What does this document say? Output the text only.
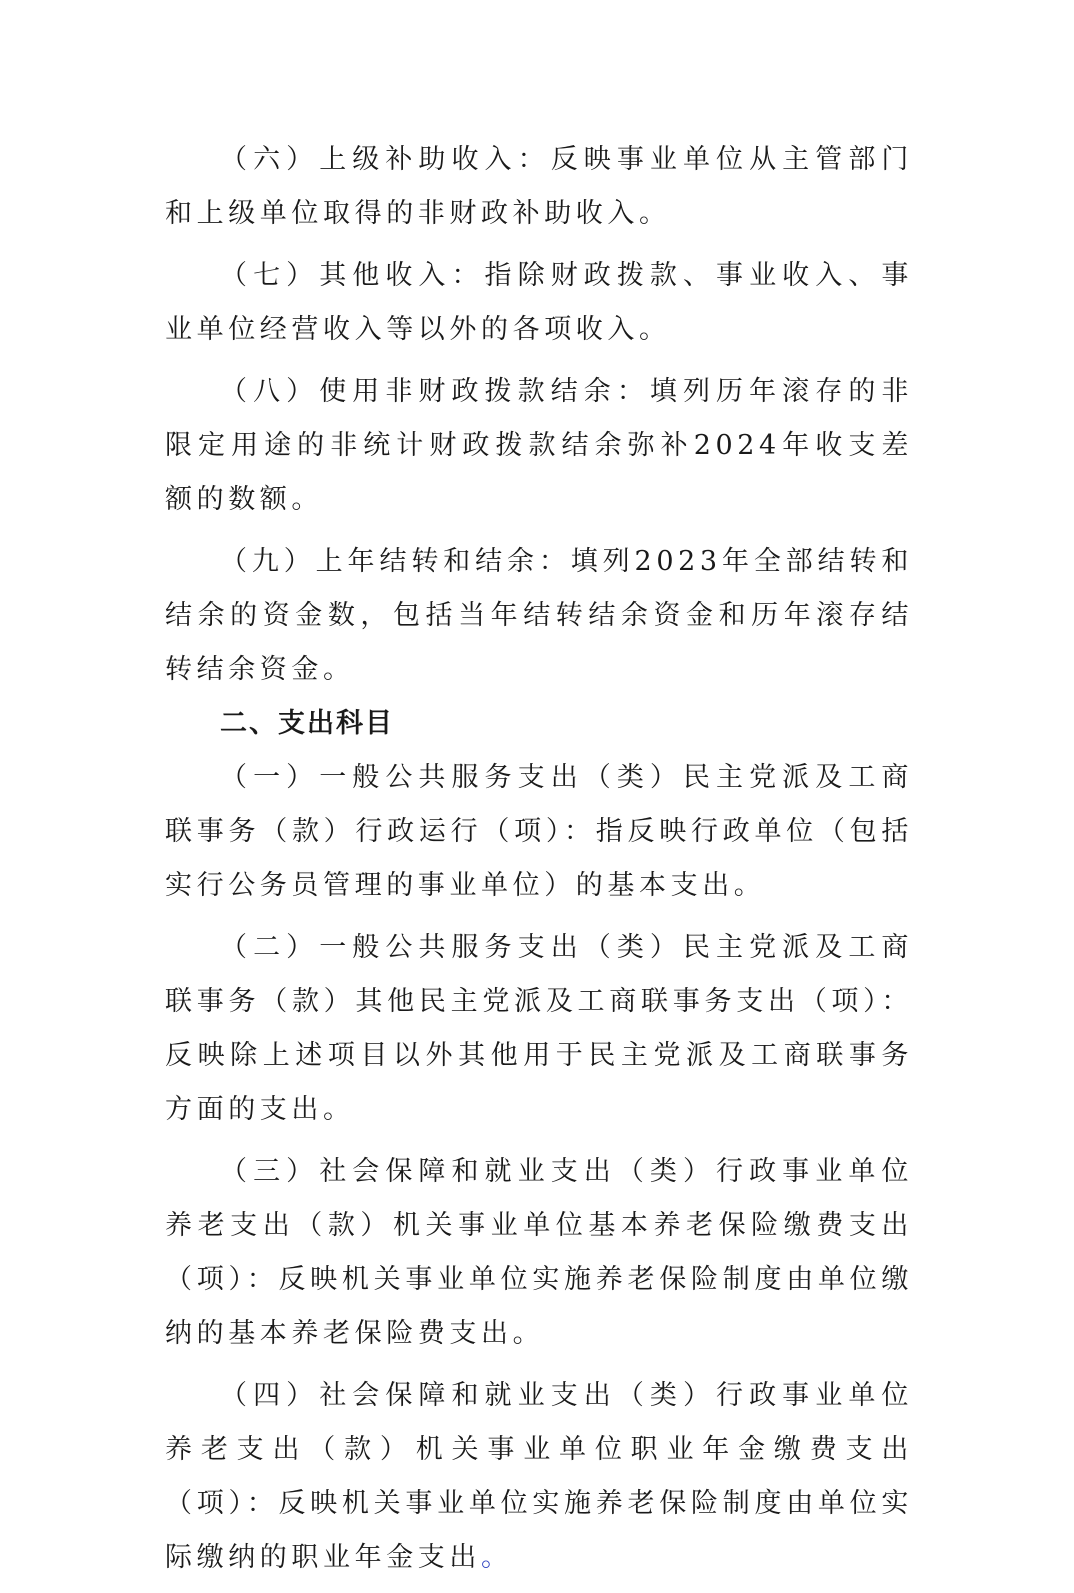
（六）上级补助收入：反映事业单位从主管部门和上级单位取得的非财政补助收入。

（七）其他收入：指除财政拨款、事业收入、事业单位经营收入等以外的各项收入。

（八）使用非财政拨款结余：填列历年滚存的非限定用途的非统计财政拨款结余弥补2024年收支差额的数额。

（九）上年结转和结余：填列2023年全部结转和结余的资金数，包括当年结转结余资金和历年滚存结转结余资金。

二、支出科目

（一）一般公共服务支出（类）民主党派及工商联事务（款）行政运行（项）：指反映行政单位（包括实行公务员管理的事业单位）的基本支出。

（二）一般公共服务支出（类）民主党派及工商联事务（款）其他民主党派及工商联事务支出（项）：反映除上述项目以外其他用于民主党派及工商联事务方面的支出。

（三）社会保障和就业支出（类）行政事业单位养老支出（款）机关事业单位基本养老保险缴费支出（项）：反映机关事业单位实施养老保险制度由单位缴纳的基本养老保险费支出。

（四）社会保障和就业支出（类）行政事业单位养老支出（款）机关事业单位职业年金缴费支出（项）：反映机关事业单位实施养老保险制度由单位实际缴纳的职业年金支出。
